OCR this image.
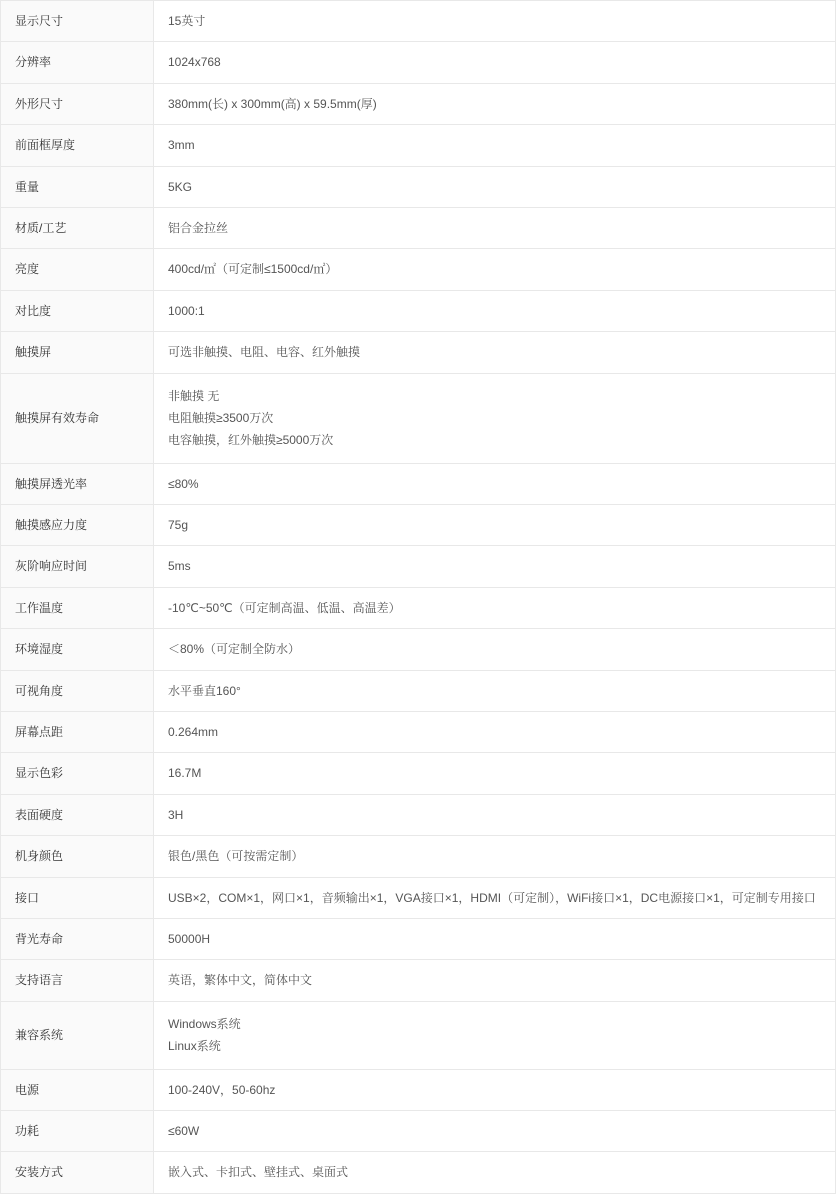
显示尺寸	15英寸

分辨率	1024x768

外形尺寸	380mm(长) x 300mm(高) x 59.5mm(厚)

前面框厚度	3mm

重量	5KG

材质/工艺	铝合金拉丝

亮度	400cd/㎡（可定制≤1500cd/㎡）

对比度	1000:1

触摸屏	可选非触摸、电阻、电容、红外触摸

触摸屏有效寿命	非触摸 无
电阻触摸≥3500万次
电容触摸，红外触摸≥5000万次

触摸屏透光率	≤80%

触摸感应力度	75g

灰阶响应时间	5ms

工作温度	-10℃~50℃（可定制高温、低温、高温差）

环境湿度	＜80%（可定制全防水）

可视角度	水平垂直160°

屏幕点距	0.264mm

显示色彩	16.7M

表面硬度	3H

机身颜色	银色/黑色（可按需定制）

接口	USB×2，COM×1，网口×1，音频输出×1，VGA接口×1，HDMI（可定制），WiFi接口×1，DC电源接口×1，可定制专用接口

背光寿命	50000H

支持语言	英语，繁体中文，简体中文

兼容系统	Windows系统
Linux系统

电源	100-240V，50-60hz

功耗	≤60W

安装方式	嵌入式、卡扣式、壁挂式、桌面式
